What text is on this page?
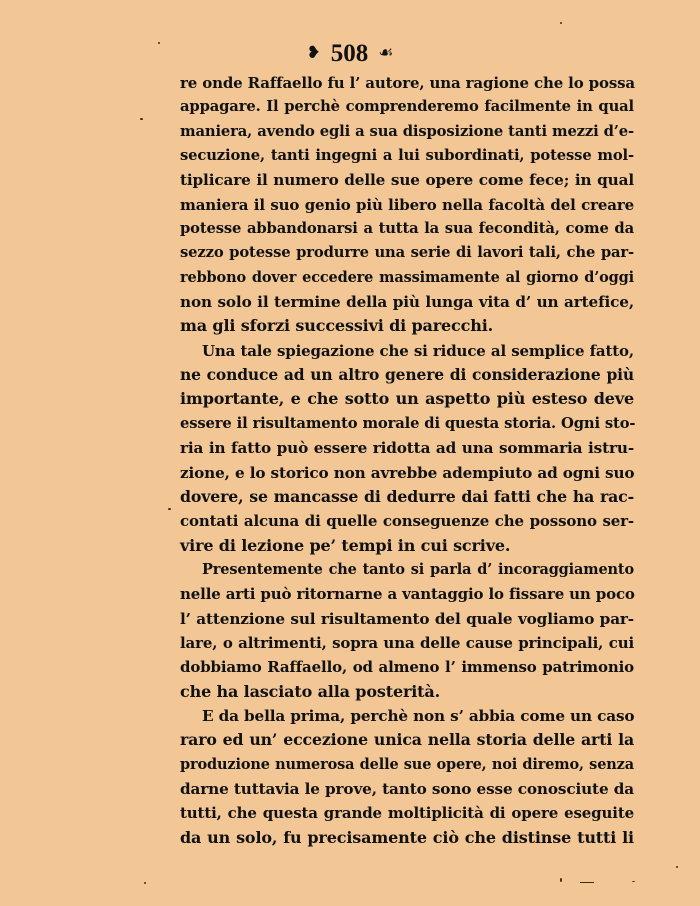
❥ 508 ☙
re onde Raffaello fu l’ autore, una ragione che lo possa
appagare. Il perchè comprenderemo facilmente in qual
maniera, avendo egli a sua disposizione tanti mezzi d’e-
secuzione, tanti ingegni a lui subordinati, potesse mol-
tiplicare il numero delle sue opere come fece; in qual
maniera il suo genio più libero nella facoltà del creare
potesse abbandonarsi a tutta la sua fecondità, come da
sezzo potesse produrre una serie di lavori tali, che par-
rebbono dover eccedere massimamente al giorno d’oggi
non solo il termine della più lunga vita d’ un artefice,
ma gli sforzi successivi di parecchi.
Una tale spiegazione che si riduce al semplice fatto,
ne conduce ad un altro genere di considerazione più
importante, e che sotto un aspetto più esteso deve
essere il risultamento morale di questa storia. Ogni sto-
ria in fatto può essere ridotta ad una sommaria istru-
zione, e lo storico non avrebbe adempiuto ad ogni suo
dovere, se mancasse di dedurre dai fatti che ha rac-
contati alcuna di quelle conseguenze che possono ser-
vire di lezione pe’ tempi in cui scrive.
Presentemente che tanto si parla d’ incoraggiamento
nelle arti può ritornarne a vantaggio lo fissare un poco
l’ attenzione sul risultamento del quale vogliamo par-
lare, o altrimenti, sopra una delle cause principali, cui
dobbiamo Raffaello, od almeno l’ immenso patrimonio
che ha lasciato alla posterità.
E da bella prima, perchè non s’ abbia come un caso
raro ed un’ eccezione unica nella storia delle arti la
produzione numerosa delle sue opere, noi diremo, senza
darne tuttavia le prove, tanto sono esse conosciute da
tutti, che questa grande moltiplicità di opere eseguite
da un solo, fu precisamente ciò che distinse tutti li
